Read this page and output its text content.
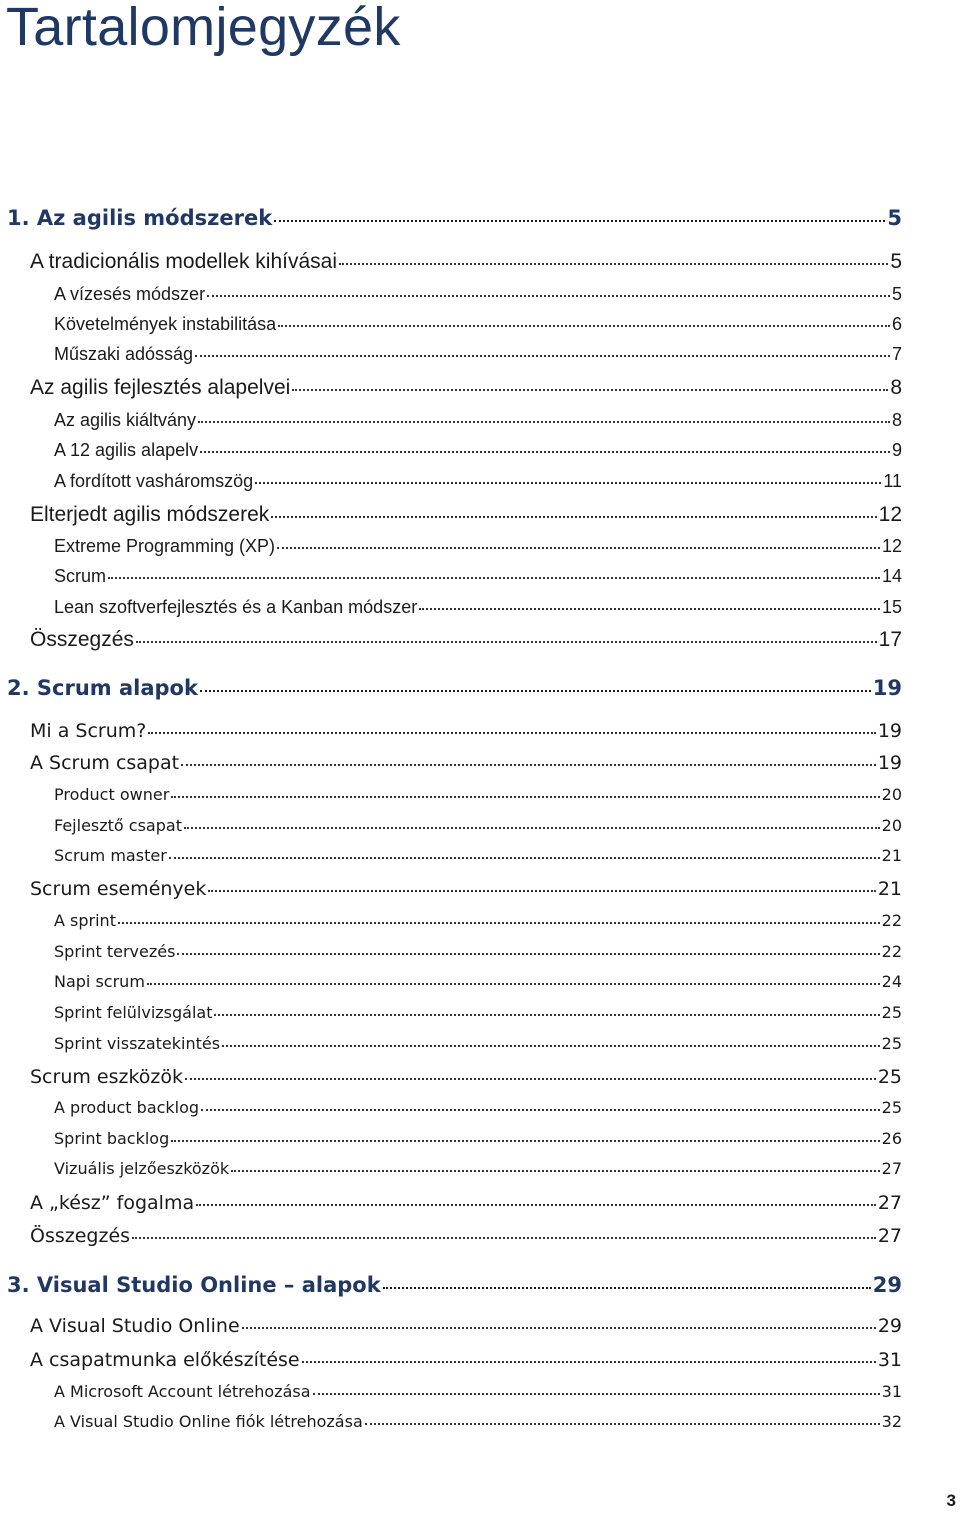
Tartalomjegyzék
1. Az agilis módszerek	5
A tradicionális modellek kihívásai	5
A vízesés módszer	5
Követelmények instabilitása	6
Műszaki adósság	7
Az agilis fejlesztés alapelvei	8
Az agilis kiáltvány	8
A 12 agilis alapelv	9
A fordított vasháromszög	11
Elterjedt agilis módszerek	12
Extreme Programming (XP)	12
Scrum	14
Lean szoftverfejlesztés és a Kanban módszer	15
Összegzés	17
2. Scrum alapok	19
Mi a Scrum?	19
A Scrum csapat	19
Product owner	20
Fejlesztő csapat	20
Scrum master	21
Scrum események	21
A sprint	22
Sprint tervezés	22
Napi scrum	24
Sprint felülvizsgálat	25
Sprint visszatekintés	25
Scrum eszközök	25
A product backlog	25
Sprint backlog	26
Vizuális jelzőeszközök	27
A „kész” fogalma	27
Összegzés	27
3. Visual Studio Online – alapok	29
A Visual Studio Online	29
A csapatmunka előkészítése	31
A Microsoft Account létrehozása	31
A Visual Studio Online fiók létrehozása	32
3
